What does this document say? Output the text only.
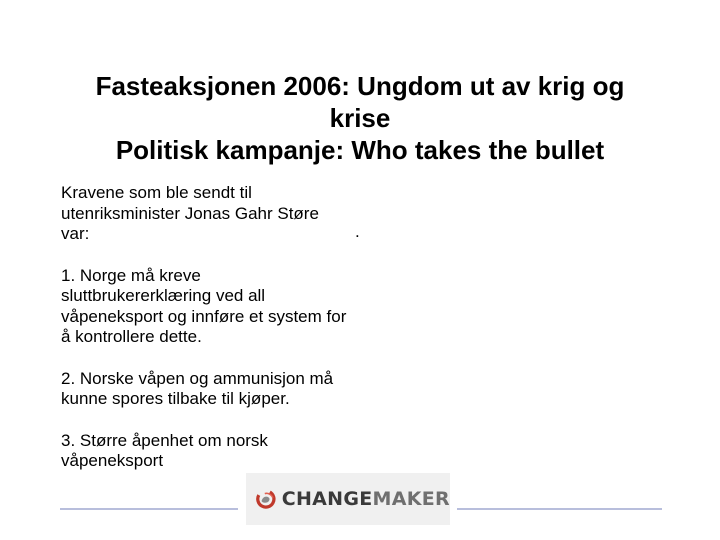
Fasteaksjonen 2006: Ungdom ut av krig og
krise
Politisk kampanje: Who takes the bullet

Kravene som ble sendt til utenriksminister Jonas Gahr Støre var:

1. Norge må kreve sluttbrukererklæring ved all våpeneksport og innføre et system for å kontrollere dette.

2. Norske våpen og ammunisjon må kunne spores tilbake til kjøper.

3. Større åpenhet om norsk våpeneksport

.
CHANGEMAKER
